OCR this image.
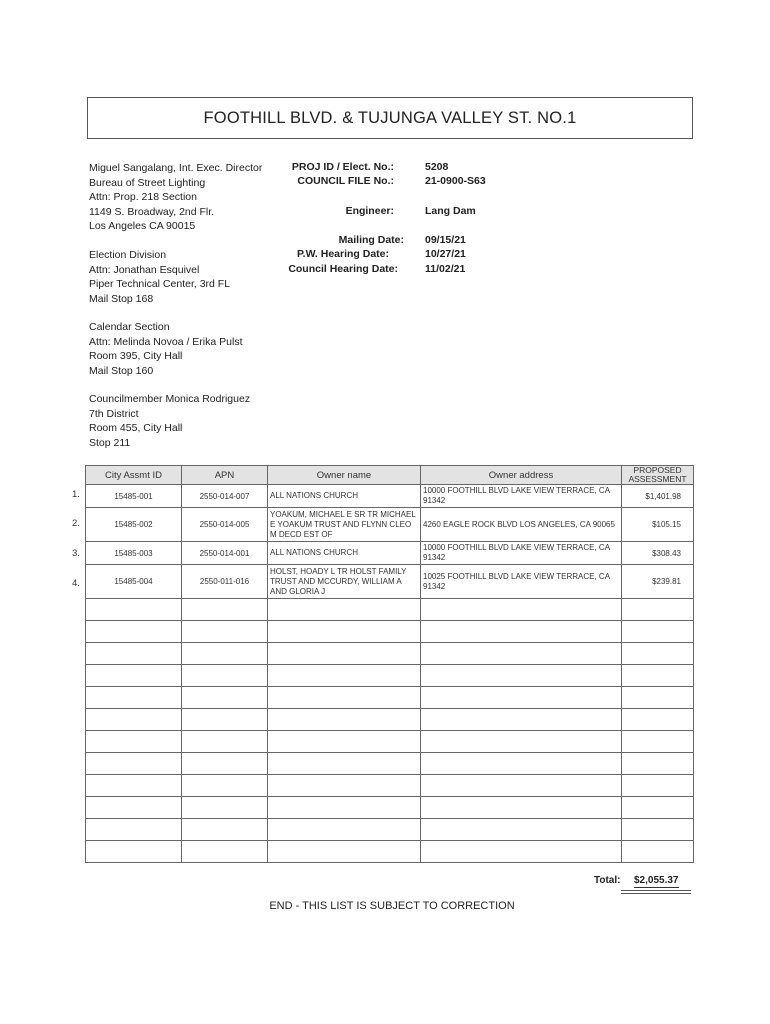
FOOTHILL BLVD. & TUJUNGA VALLEY ST. NO.1
Miguel Sangalang, Int. Exec. Director
Bureau of Street Lighting
Attn: Prop. 218 Section
1149 S. Broadway, 2nd Flr.
Los Angeles CA 90015
Election Division
Attn: Jonathan Esquivel
Piper Technical Center, 3rd FL
Mail Stop 168
Calendar Section
Attn: Melinda Novoa / Erika Pulst
Room 395, City Hall
Mail Stop 160
Councilmember Monica Rodriguez
7th District
Room 455, City Hall
Stop 211
PROJ ID / Elect. No.:	5208
COUNCIL FILE No.:	21-0900-S63
Engineer:	Lang Dam
Mailing Date: 09/15/21
P.W. Hearing Date:	10/27/21
Council Hearing Date:	11/02/21
1.
2.
3.
4.
City Assmt ID	APN	Owner name	Owner address	PROPOSED ASSESSMENT
15485-001	2550-014-007	ALL NATIONS CHURCH	10000 FOOTHILL BLVD LAKE VIEW TERRACE, CA 91342	$1,401.98
15485-002	2550-014-005	YOAKUM, MICHAEL E SR TR MICHAEL E YOAKUM TRUST AND FLYNN CLEO M DECD EST OF	4260 EAGLE ROCK BLVD LOS ANGELES, CA 90065	$105.15
15485-003	2550-014-001	ALL NATIONS CHURCH	10000 FOOTHILL BLVD LAKE VIEW TERRACE, CA 91342	$308.43
15485-004	2550-011-016	HOLST, HOADY L TR HOLST FAMILY TRUST AND MCCURDY, WILLIAM A AND GLORIA J	10025 FOOTHILL BLVD LAKE VIEW TERRACE, CA 91342	$239.81

Total: $2,055.37
END - THIS LIST IS SUBJECT TO CORRECTION
